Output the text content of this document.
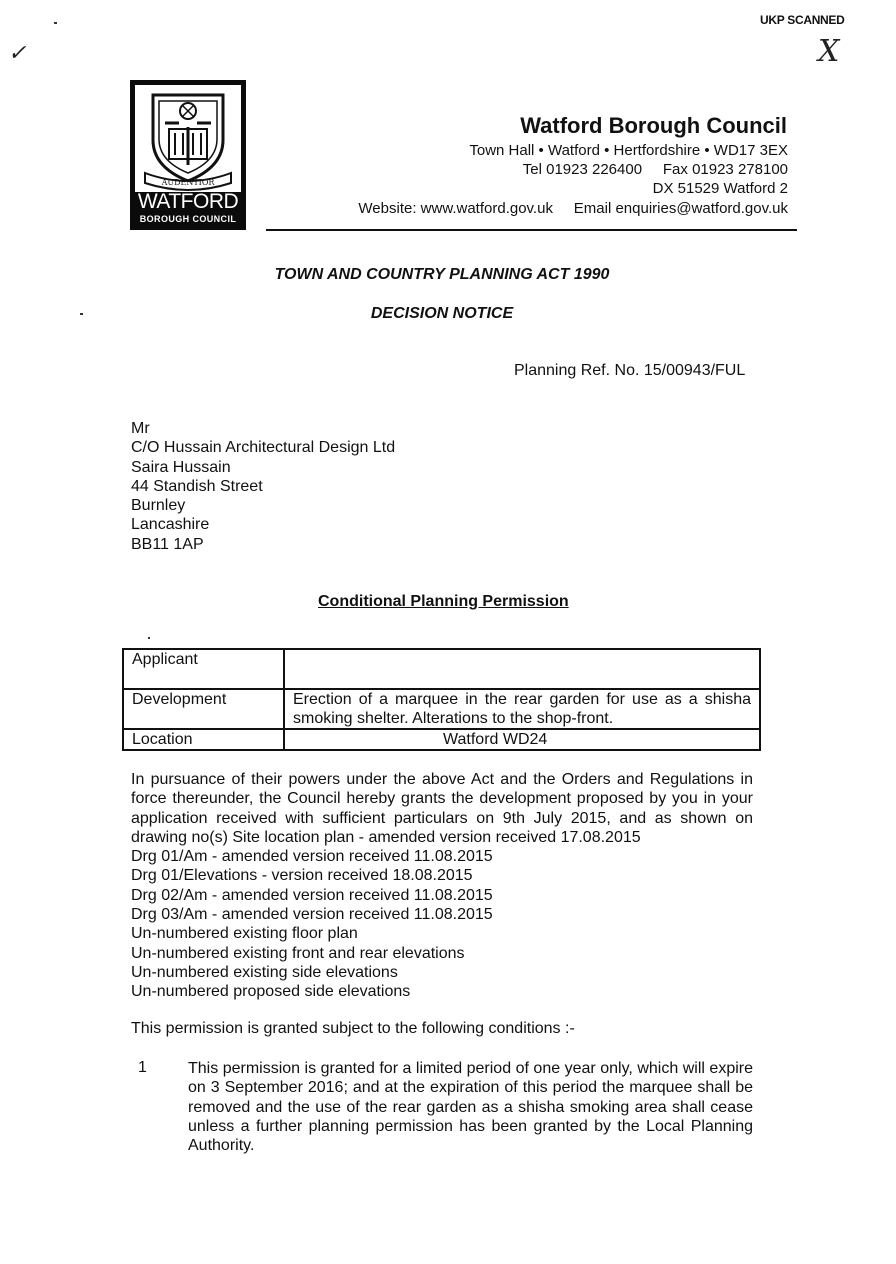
UKP SCANNED
X
✓
AUDENTIOR
WATFORD
BOROUGH COUNCIL
Watford Borough Council
Town Hall • Watford • Hertfordshire • WD17 3EX
Tel 01923 226400     Fax 01923 278100
DX 51529 Watford 2
Website: www.watford.gov.uk     Email enquiries@watford.gov.uk
TOWN AND COUNTRY PLANNING ACT 1990
DECISION NOTICE
Planning Ref. No. 15/00943/FUL
Mr
C/O Hussain Architectural Design Ltd
Saira Hussain
44 Standish Street
Burnley
Lancashire
BB11 1AP
Conditional Planning Permission
Applicant	
Development	Erection of a marquee in the rear garden for use as a shisha smoking shelter. Alterations to the shop-front.
Location	Watford WD24
In pursuance of their powers under the above Act and the Orders and Regulations in force thereunder, the Council hereby grants the development proposed by you in your application received with sufficient particulars on 9th July 2015, and as shown on drawing no(s) Site location plan - amended version received 17.08.2015
Drg 01/Am - amended version received 11.08.2015
Drg 01/Elevations - version received 18.08.2015
Drg 02/Am - amended version received 11.08.2015
Drg 03/Am - amended version received 11.08.2015
Un-numbered existing floor plan
Un-numbered existing front and rear elevations
Un-numbered existing side elevations
Un-numbered proposed side elevations
This permission is granted subject to the following conditions :-
1	This permission is granted for a limited period of one year only, which will expire on 3 September 2016; and at the expiration of this period the marquee shall be removed and the use of the rear garden as a shisha smoking area shall cease unless a further planning permission has been granted by the Local Planning Authority.
